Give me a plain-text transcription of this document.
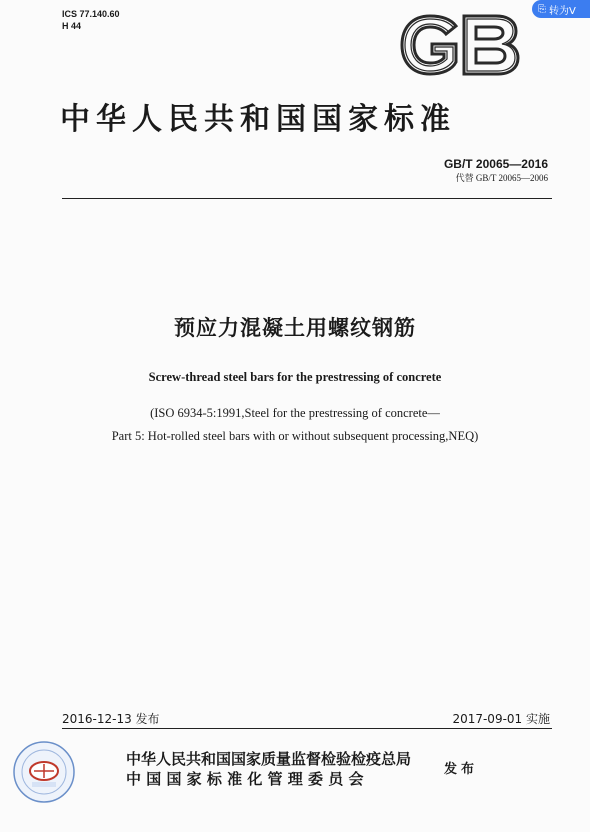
ICS 77.140.60
H 44
中华人民共和国国家标准
GB/T 20065—2016
代替 GB/T 20065—2006
预应力混凝土用螺纹钢筋
Screw-thread steel bars for the prestressing of concrete
(ISO 6934-5:1991,Steel for the prestressing of concrete—
Part 5: Hot-rolled steel bars with or without subsequent processing,NEQ)
2016-12-13 发布	2017-09-01 实施
中华人民共和国国家质量监督检验检疫总局
中 国 国 家 标 准 化 管 理 委 员 会
发布
⎘ 转为V
